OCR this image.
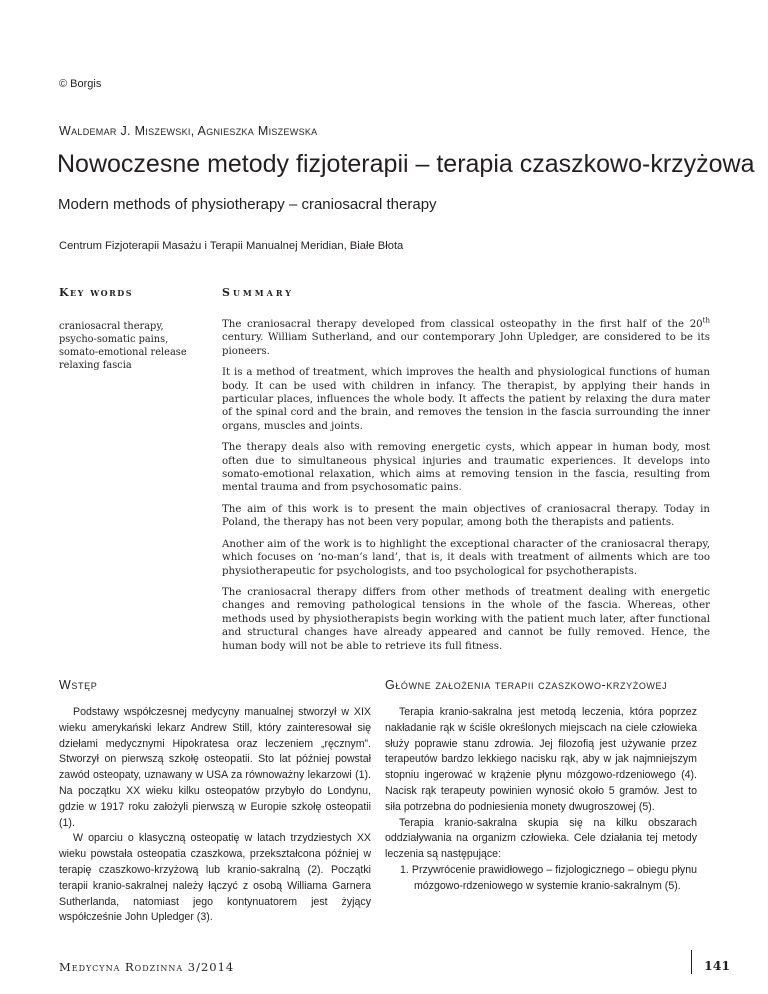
© Borgis
Waldemar J. Miszewski, Agnieszka Miszewska
Nowoczesne metody fizjoterapii – terapia czaszkowo-krzyżowa
Modern methods of physiotherapy – craniosacral therapy
Centrum Fizjoterapii Masażu i Terapii Manualnej Meridian, Białe Błota
Key words	Summary
craniosacral therapy,
psycho-somatic pains,
somato-emotional release
relaxing fascia

The craniosacral therapy developed from classical osteopathy in the first half of the 20th century. William Sutherland, and our contemporary John Upledger, are considered to be its pioneers.

It is a method of treatment, which improves the health and physiological functions of human body. It can be used with children in infancy. The therapist, by applying their hands in particular places, influences the whole body. It affects the patient by relaxing the dura mater of the spinal cord and the brain, and removes the tension in the fascia surrounding the inner organs, muscles and joints.

The therapy deals also with removing energetic cysts, which appear in human body, most often due to simultaneous physical injuries and traumatic experiences. It develops into somato-emotional relaxation, which aims at removing tension in the fascia, resulting from mental trauma and from psychosomatic pains.

The aim of this work is to present the main objectives of craniosacral therapy. Today in Poland, the therapy has not been very popular, among both the therapists and patients.

Another aim of the work is to highlight the exceptional character of the craniosacral therapy, which focuses on ‘no-man’s land’, that is, it deals with treatment of ailments which are too physiotherapeutic for psychologists, and too psychological for psychotherapists.

The craniosacral therapy differs from other methods of treatment dealing with energetic changes and removing pathological tensions in the whole of the fascia. Whereas, other methods used by physiotherapists begin working with the patient much later, after functional and structural changes have already appeared and cannot be fully removed. Hence, the human body will not be able to retrieve its full fitness.

Wstęp	Główne założenia terapii czaszkowo-krzyżowej

Podstawy współczesnej medycyny manualnej stworzył w XIX wieku amerykański lekarz Andrew Still, który zainteresował się dziełami medycznymi Hipokratesa oraz leczeniem „ręcznym”. Stworzył on pierwszą szkołę osteopatii. Sto lat później powstał zawód osteopaty, uznawany w USA za równoważny lekarzowi (1). Na początku XX wieku kilku osteopatów przybyło do Londynu, gdzie w 1917 roku założyli pierwszą w Europie szkołę osteopatii (1).

W oparciu o klasyczną osteopatię w latach trzydziestych XX wieku powstała osteopatia czaszkowa, przekształcona później w terapię czaszkowo-krzyżową lub kranio-sakralną (2). Początki terapii kranio-sakralnej należy łączyć z osobą Williama Garnera Sutherlanda, natomiast jego kontynuatorem jest żyjący współcześnie John Upledger (3).

Terapia kranio-sakralna jest metodą leczenia, która poprzez nakładanie rąk w ściśle określonych miejscach na ciele człowieka służy poprawie stanu zdrowia. Jej filozofią jest używanie przez terapeutów bardzo lekkiego nacisku rąk, aby w jak najmniejszym stopniu ingerować w krążenie płynu mózgowo-rdzeniowego (4). Nacisk rąk terapeuty powinien wynosić około 5 gramów. Jest to siła potrzebna do podniesienia monety dwugroszowej (5).

Terapia kranio-sakralna skupia się na kilku obszarach oddziaływania na organizm człowieka. Cele działania tej metody leczenia są następujące:

1. Przywrócenie prawidłowego – fizjologicznego – obiegu płynu mózgowo-rdzeniowego w systemie kranio-sakralnym (5).
Medycyna Rodzinna 3/2014	141
